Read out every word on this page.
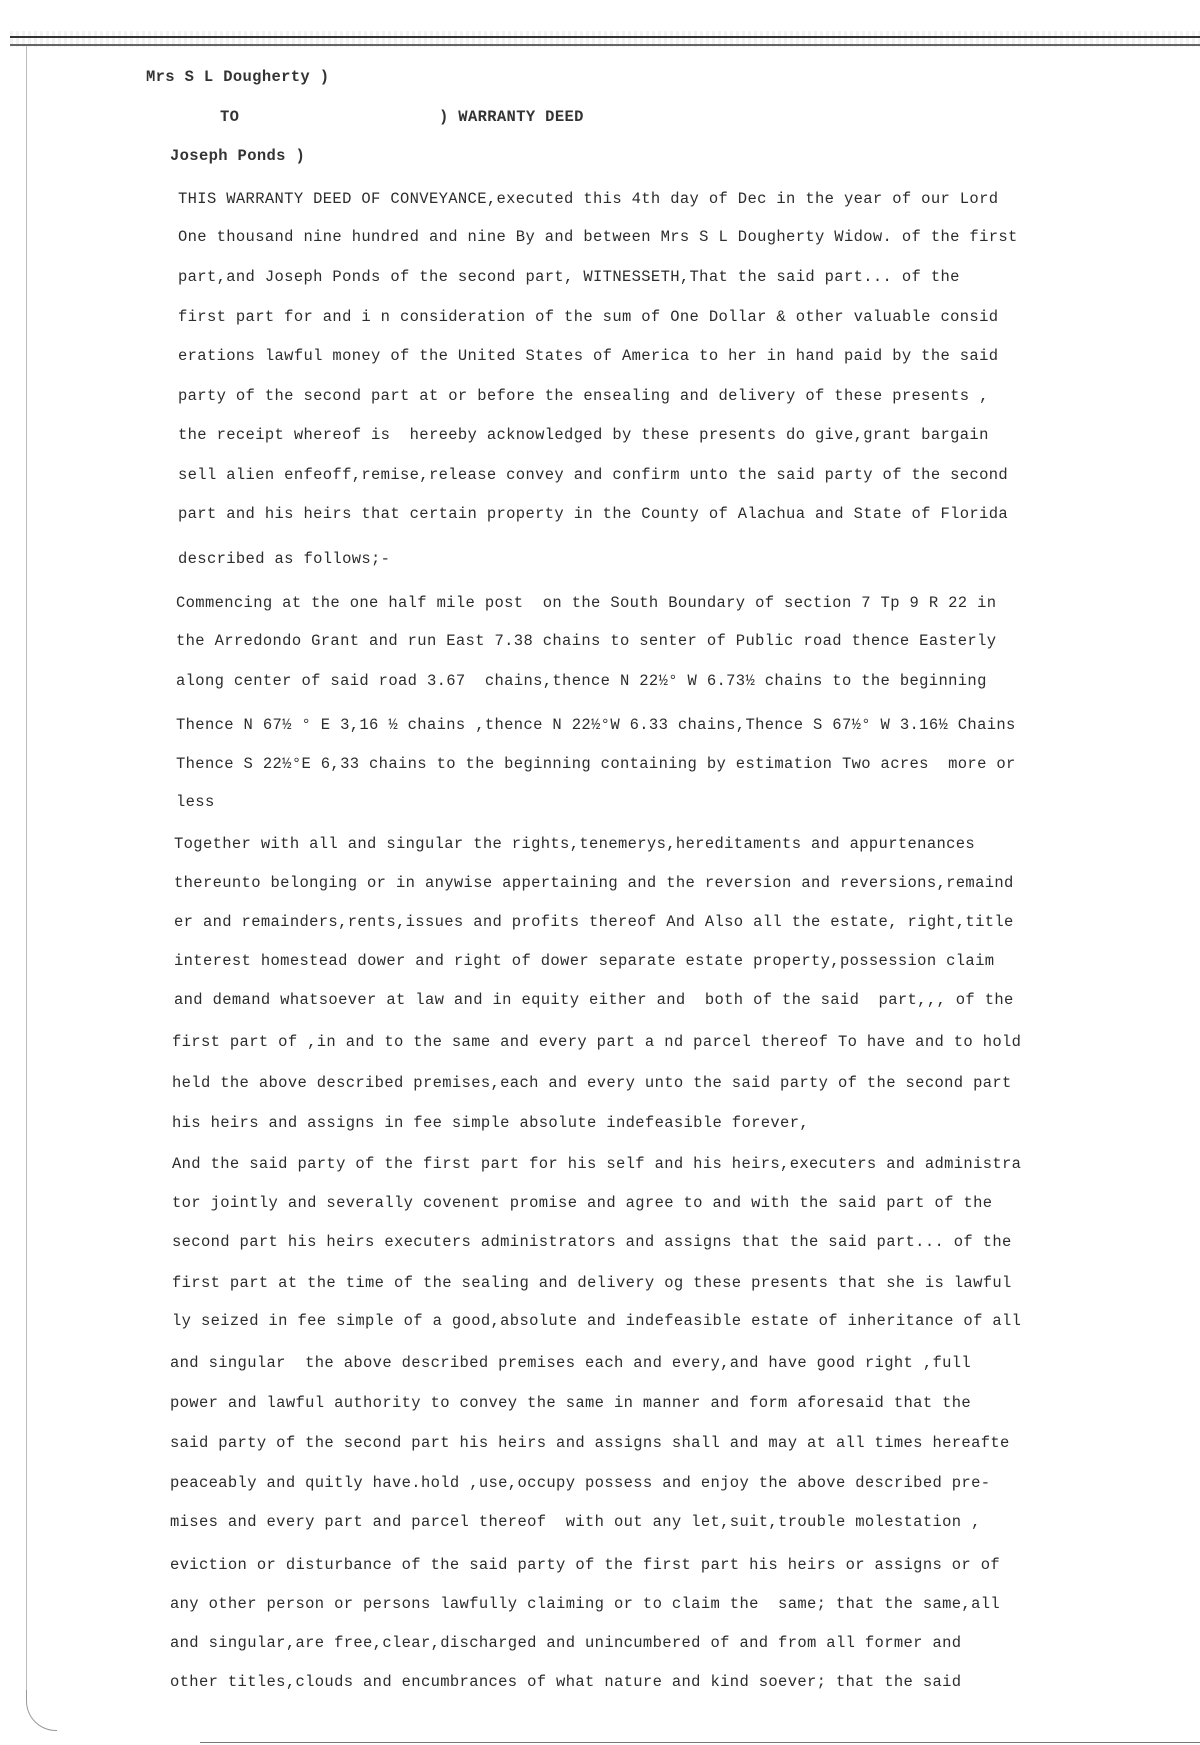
Mrs S L Dougherty )
TO	) WARRANTY DEED
Joseph Ponds )
THIS WARRANTY DEED OF CONVEYANCE,executed this 4th day of Dec in the year of our Lord
One thousand nine hundred and nine By and between Mrs S L Dougherty Widow. of the first
part,and Joseph Ponds of the second part, WITNESSETH,That the said part... of the
first part for and i n consideration of the sum of One Dollar & other valuable consid
erations lawful money of the United States of America to her in hand paid by the said
party of the second part at or before the ensealing and delivery of these presents ,
the receipt whereof is  hereeby acknowledged by these presents do give,grant bargain
sell alien enfeoff,remise,release convey and confirm unto the said party of the second
part and his heirs that certain property in the County of Alachua and State of Florida
described as follows;-
Commencing at the one half mile post  on the South Boundary of section 7 Tp 9 R 22 in
the Arredondo Grant and run East 7.38 chains to senter of Public road thence Easterly
along center of said road 3.67  chains,thence N 22½° W 6.73½ chains to the beginning
Thence N 67½ ° E 3,16 ½ chains ,thence N 22½°W 6.33 chains,Thence S 67½° W 3.16½ Chains
Thence S 22½°E 6,33 chains to the beginning containing by estimation Two acres  more or
less
Together with all and singular the rights,tenemerys,hereditaments and appurtenances
thereunto belonging or in anywise appertaining and the reversion and reversions,remaind
er and remainders,rents,issues and profits thereof And Also all the estate, right,title
interest homestead dower and right of dower separate estate property,possession claim
and demand whatsoever at law and in equity either and  both of the said  part,,, of the
first part of ,in and to the same and every part a nd parcel thereof To have and to hold
held the above described premises,each and every unto the said party of the second part
his heirs and assigns in fee simple absolute indefeasible forever,
And the said party of the first part for his self and his heirs,executers and administra
tor jointly and severally covenent promise and agree to and with the said part of the
second part his heirs executers administrators and assigns that the said part... of the
first part at the time of the sealing and delivery og these presents that she is lawful
ly seized in fee simple of a good,absolute and indefeasible estate of inheritance of all
and singular  the above described premises each and every,and have good right ,full
power and lawful authority to convey the same in manner and form aforesaid that the
said party of the second part his heirs and assigns shall and may at all times hereafte
peaceably and quitly have.hold ,use,occupy possess and enjoy the above described pre-
mises and every part and parcel thereof  with out any let,suit,trouble molestation ,
eviction or disturbance of the said party of the first part his heirs or assigns or of
any other person or persons lawfully claiming or to claim the  same; that the same,all
and singular,are free,clear,discharged and unincumbered of and from all former and
other titles,clouds and encumbrances of what nature and kind soever; that the said
